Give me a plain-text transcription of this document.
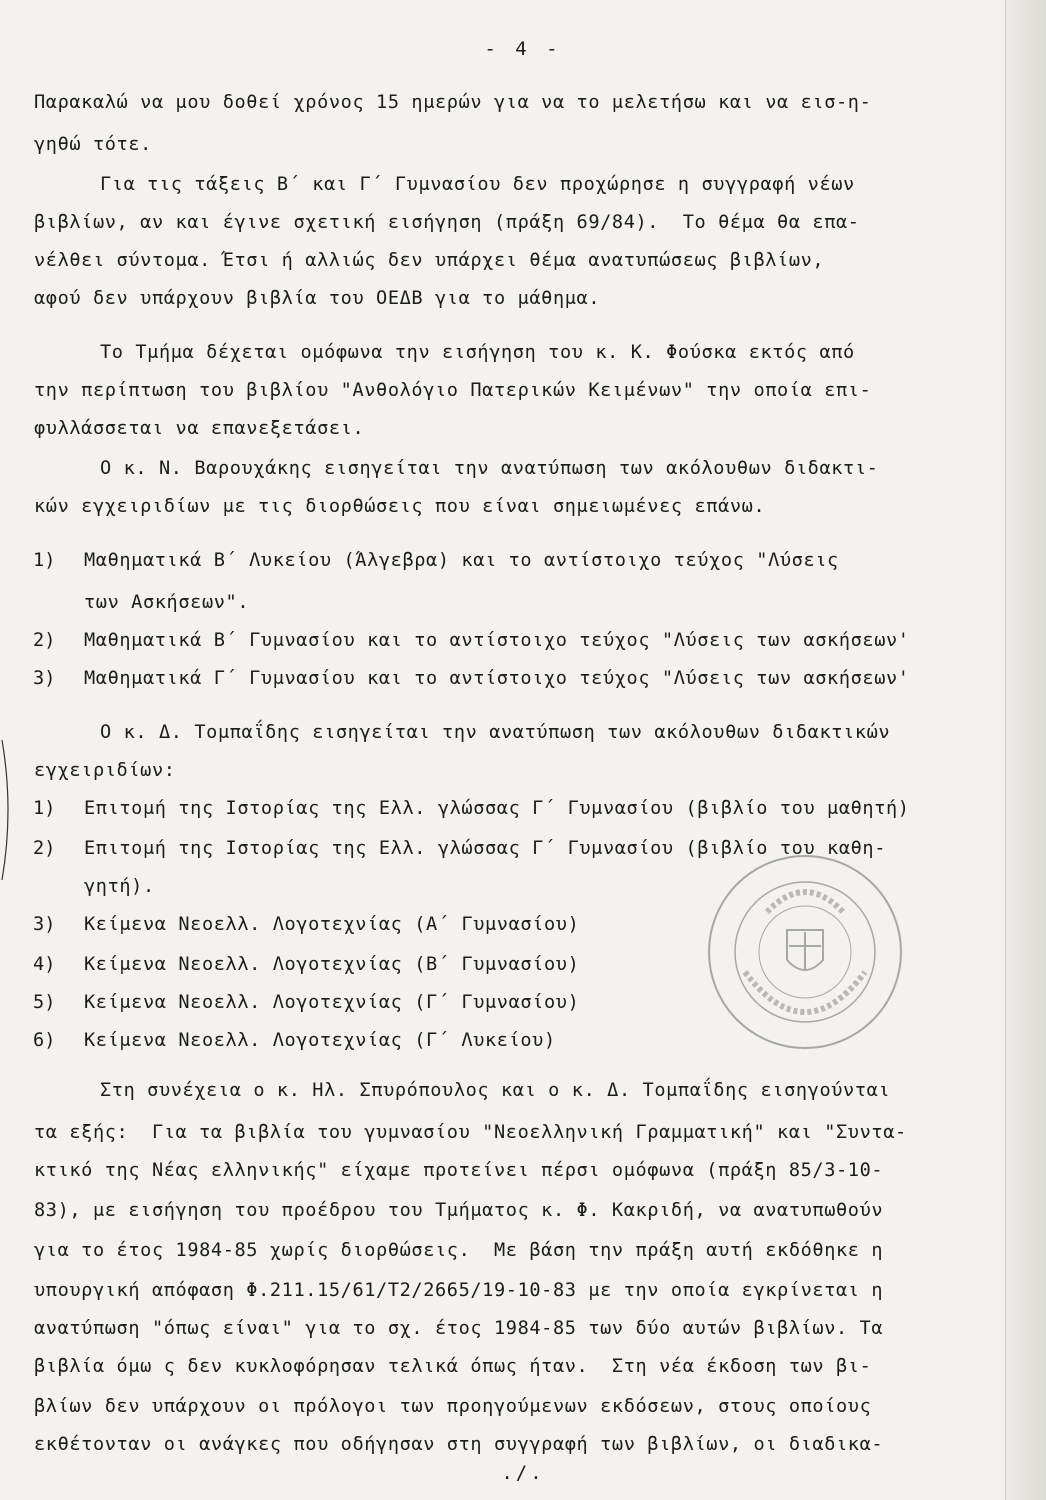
- 4 -
Παρακαλώ να μου δοθεί χρόνος 15 ημερών για να το μελετήσω και να εισ-η-
γηθώ τότε.
Για τις τάξεις Β΄ και Γ΄ Γυμνασίου δεν προχώρησε η συγγραφή νέων
βιβλίων, αν και έγινε σχετική εισήγηση (πράξη 69/84).  Το θέμα θα επα-
νέλθει σύντομα. Έτσι ή αλλιώς δεν υπάρχει θέμα ανατυπώσεως βιβλίων,
αφού δεν υπάρχουν βιβλία του ΟΕΔΒ για το μάθημα.
Το Τμήμα δέχεται ομόφωνα την εισήγηση του κ. Κ. Φούσκα εκτός από
την περίπτωση του βιβλίου "Ανθολόγιο Πατερικών Κειμένων" την οποία επι-
φυλλάσσεται να επανεξετάσει.
Ο κ. Ν. Βαρουχάκης εισηγείται την ανατύπωση των ακόλουθων διδακτι-
κών εγχειριδίων με τις διορθώσεις που είναι σημειωμένες επάνω.
1) Μαθηματικά Β΄ Λυκείου (Άλγεβρα) και το αντίστοιχο τεύχος "Λύσεις
των Ασκήσεων".
2) Μαθηματικά Β΄ Γυμνασίου και το αντίστοιχο τεύχος "Λύσεις των ασκήσεων'
3) Μαθηματικά Γ΄ Γυμνασίου και το αντίστοιχο τεύχος "Λύσεις των ασκήσεων'
Ο κ. Δ. Τομπαΐδης εισηγείται την ανατύπωση των ακόλουθων διδακτικών
εγχειριδίων:
1) Επιτομή της Ιστορίας της Ελλ. γλώσσας Γ΄ Γυμνασίου (βιβλίο του μαθητή)
2) Επιτομή της Ιστορίας της Ελλ. γλώσσας Γ΄ Γυμνασίου (βιβλίο του καθη-
γητή).
3) Κείμενα Νεοελλ. Λογοτεχνίας (Α΄ Γυμνασίου)
4) Κείμενα Νεοελλ. Λογοτεχνίας (Β΄ Γυμνασίου)
5) Κείμενα Νεοελλ. Λογοτεχνίας (Γ΄ Γυμνασίου)
6) Κείμενα Νεοελλ. Λογοτεχνίας (Γ΄ Λυκείου)
Στη συνέχεια ο κ. Ηλ. Σπυρόπουλος και ο κ. Δ. Τομπαΐδης εισηγούνται
τα εξής:  Για τα βιβλία του γυμνασίου "Νεοελληνική Γραμματική" και "Συντα-
κτικό της Νέας ελληνικής" είχαμε προτείνει πέρσι ομόφωνα (πράξη 85/3-10-
83), με εισήγηση του προέδρου του Τμήματος κ. Φ. Κακριδή, να ανατυπωθούν
για το έτος 1984-85 χωρίς διορθώσεις.  Με βάση την πράξη αυτή εκδόθηκε η
υπουργική απόφαση Φ.211.15/61/Τ2/2665/19-10-83 με την οποία εγκρίνεται η
ανατύπωση "όπως είναι" για το σχ. έτος 1984-85 των δύο αυτών βιβλίων. Τα
βιβλία όμω ς δεν κυκλοφόρησαν τελικά όπως ήταν.  Στη νέα έκδοση των βι-
βλίων δεν υπάρχουν οι πρόλογοι των προηγούμενων εκδόσεων, στους οποίους
εκθέτονταν οι ανάγκες που οδήγησαν στη συγγραφή των βιβλίων, οι διαδικα-
./.
